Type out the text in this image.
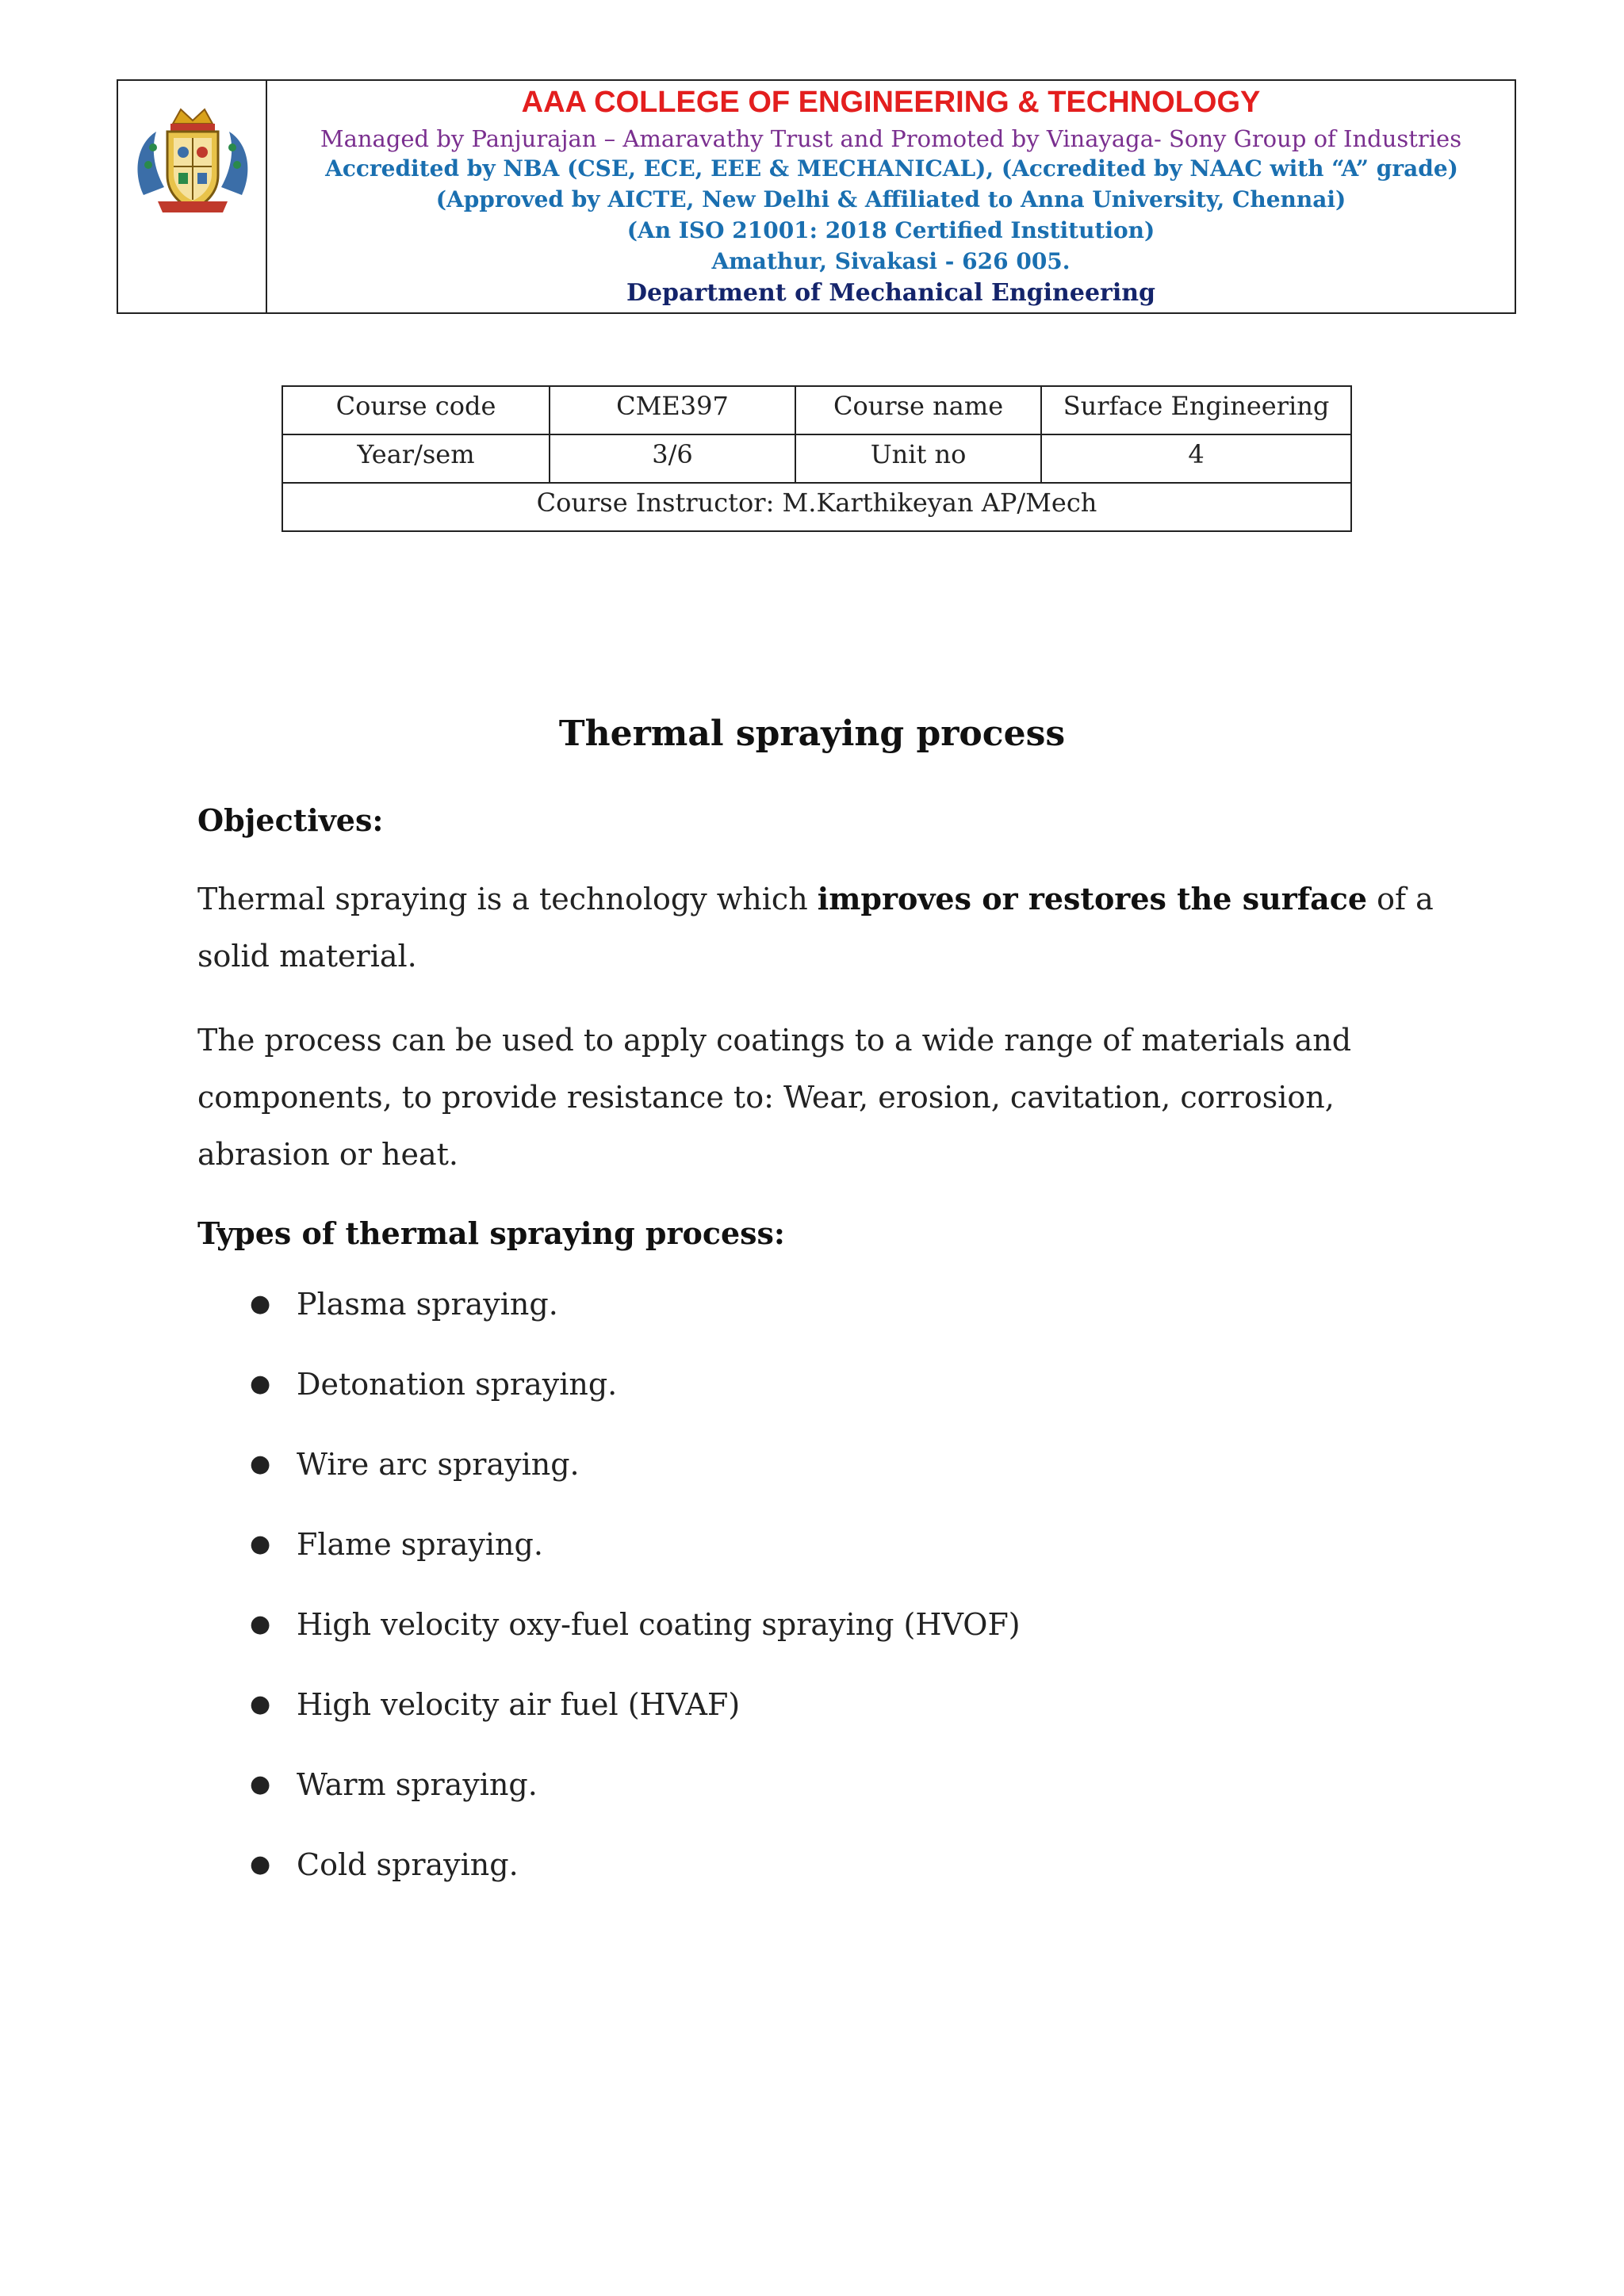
AAA COLLEGE OF ENGINEERING & TECHNOLOGY
Managed by Panjurajan – Amaravathy Trust and Promoted by Vinayaga- Sony Group of Industries
Accredited by NBA (CSE, ECE, EEE & MECHANICAL), (Accredited by NAAC with “A” grade)
(Approved by AICTE, New Delhi & Affiliated to Anna University, Chennai)
(An ISO 21001: 2018 Certified Institution)
Amathur, Sivakasi - 626 005.
Department of Mechanical Engineering
Course code	CME397	Course name	Surface Engineering
Year/sem	3/6	Unit no	4
Course Instructor: M.Karthikeyan AP/Mech			
Thermal spraying process
Objectives:
Thermal spraying is a technology which improves or restores the surface of a solid material.
The process can be used to apply coatings to a wide range of materials and components, to provide resistance to: Wear, erosion, cavitation, corrosion, abrasion or heat.
Types of thermal spraying process:
● Plasma spraying.
● Detonation spraying.
● Wire arc spraying.
● Flame spraying.
● High velocity oxy-fuel coating spraying (HVOF)
● High velocity air fuel (HVAF)
● Warm spraying.
● Cold spraying.
